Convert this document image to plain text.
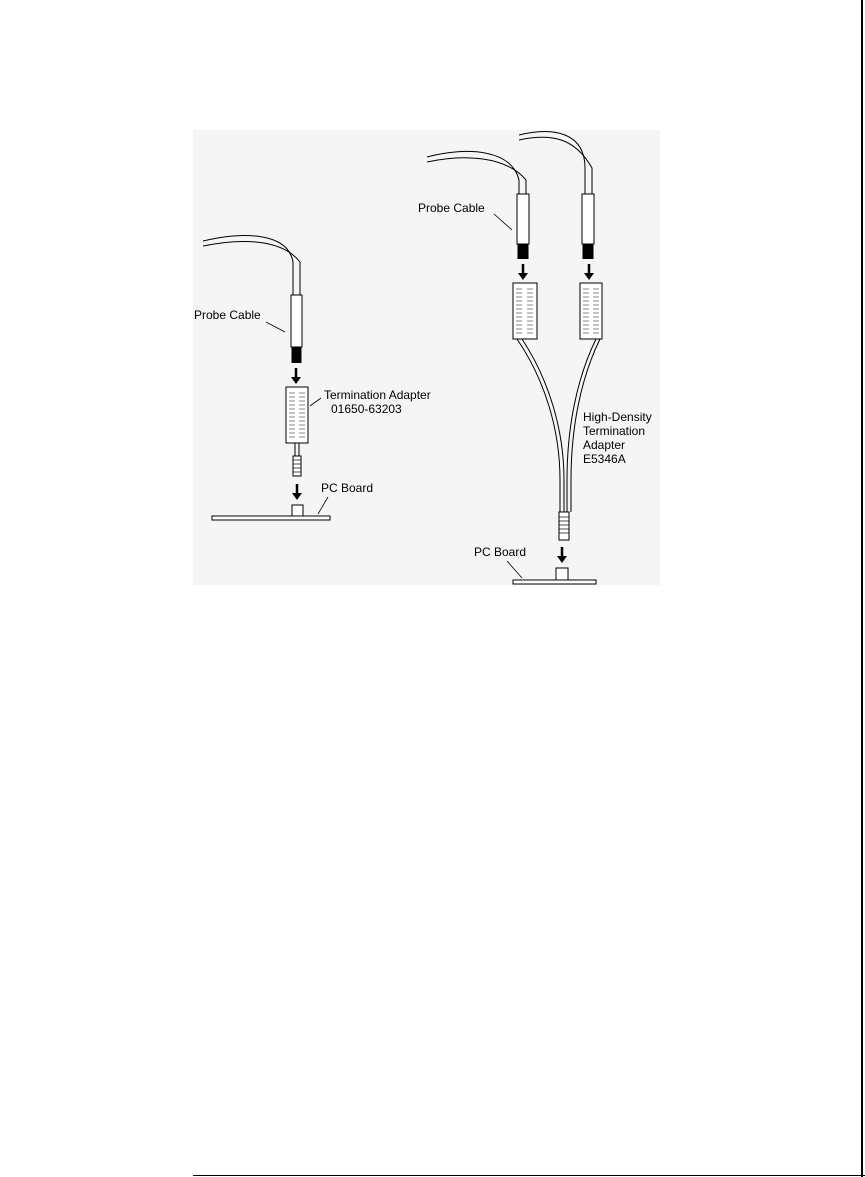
Probe Cable
Termination Adapter
01650-63203
PC Board
Probe Cable
High-Density
Termination
Adapter
E5346A
PC Board
